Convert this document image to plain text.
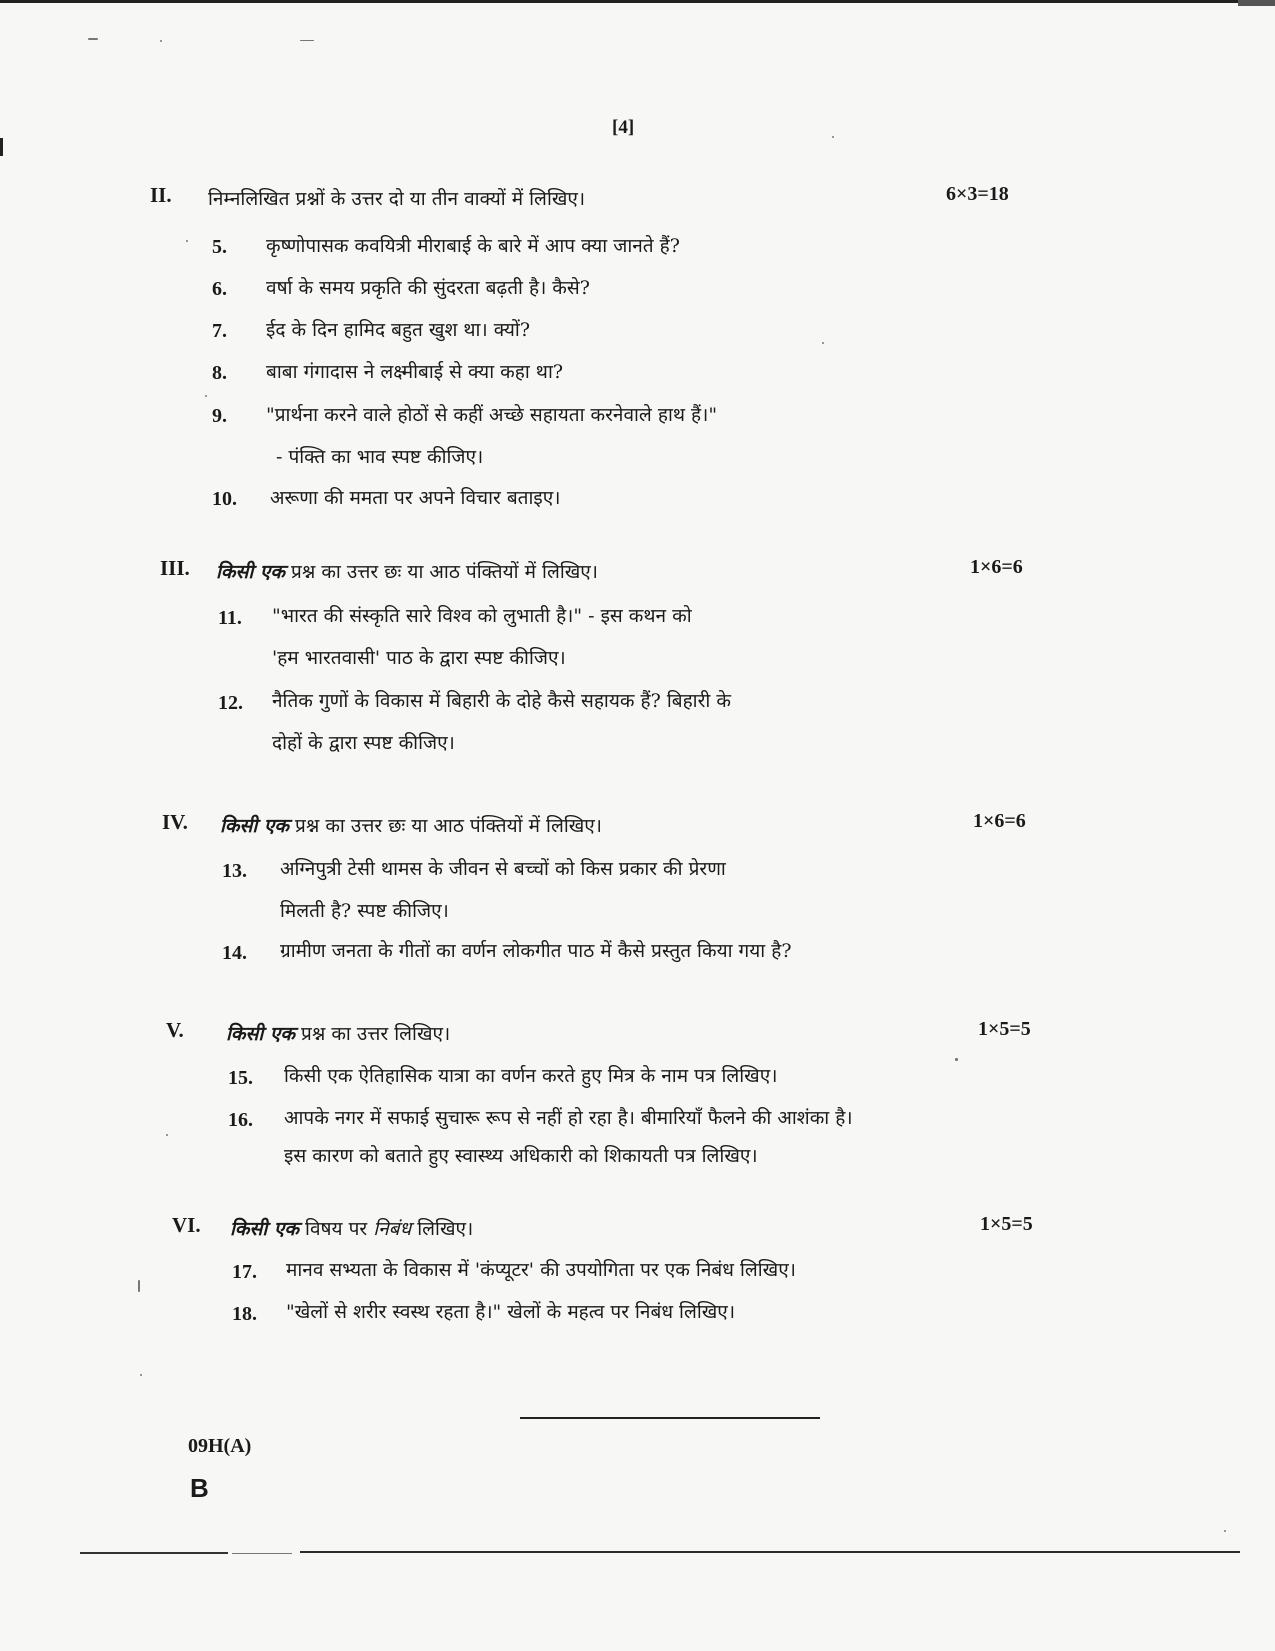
[4]
II. निम्नलिखित प्रश्नों के उत्तर दो या तीन वाक्यों में लिखिए।	6×3=18
5. कृष्णोपासक कवयित्री मीराबाई के बारे में आप क्या जानते हैं?
6. वर्षा के समय प्रकृति की सुंदरता बढ़ती है। कैसे?
7. ईद के दिन हामिद बहुत खुश था। क्यों?
8. बाबा गंगादास ने लक्ष्मीबाई से क्या कहा था?
9. "प्रार्थना करने वाले होठों से कहीं अच्छे सहायता करनेवाले हाथ हैं।"
- पंक्ति का भाव स्पष्ट कीजिए।
10. अरूणा की ममता पर अपने विचार बताइए।
III. किसी एक प्रश्न का उत्तर छः या आठ पंक्तियों में लिखिए।	1×6=6
11. "भारत की संस्कृति सारे विश्व को लुभाती है।" - इस कथन को
'हम भारतवासी' पाठ के द्वारा स्पष्ट कीजिए।
12. नैतिक गुणों के विकास में बिहारी के दोहे कैसे सहायक हैं? बिहारी के
दोहों के द्वारा स्पष्ट कीजिए।
IV. किसी एक प्रश्न का उत्तर छः या आठ पंक्तियों में लिखिए।	1×6=6
13. अग्निपुत्री टेसी थामस के जीवन से बच्चों को किस प्रकार की प्रेरणा
मिलती है? स्पष्ट कीजिए।
14. ग्रामीण जनता के गीतों का वर्णन लोकगीत पाठ में कैसे प्रस्तुत किया गया है?
V. किसी एक प्रश्न का उत्तर लिखिए।	1×5=5
15. किसी एक ऐतिहासिक यात्रा का वर्णन करते हुए मित्र के नाम पत्र लिखिए।
16. आपके नगर में सफाई सुचारू रूप से नहीं हो रहा है। बीमारियाँ फैलने की आशंका है।
इस कारण को बताते हुए स्वास्थ्य अधिकारी को शिकायती पत्र लिखिए।
VI. किसी एक विषय पर निबंध लिखिए।	1×5=5
17. मानव सभ्यता के विकास में 'कंप्यूटर' की उपयोगिता पर एक निबंध लिखिए।
18. "खेलों से शरीर स्वस्थ रहता है।" खेलों के महत्व पर निबंध लिखिए।
09H(A)
B
